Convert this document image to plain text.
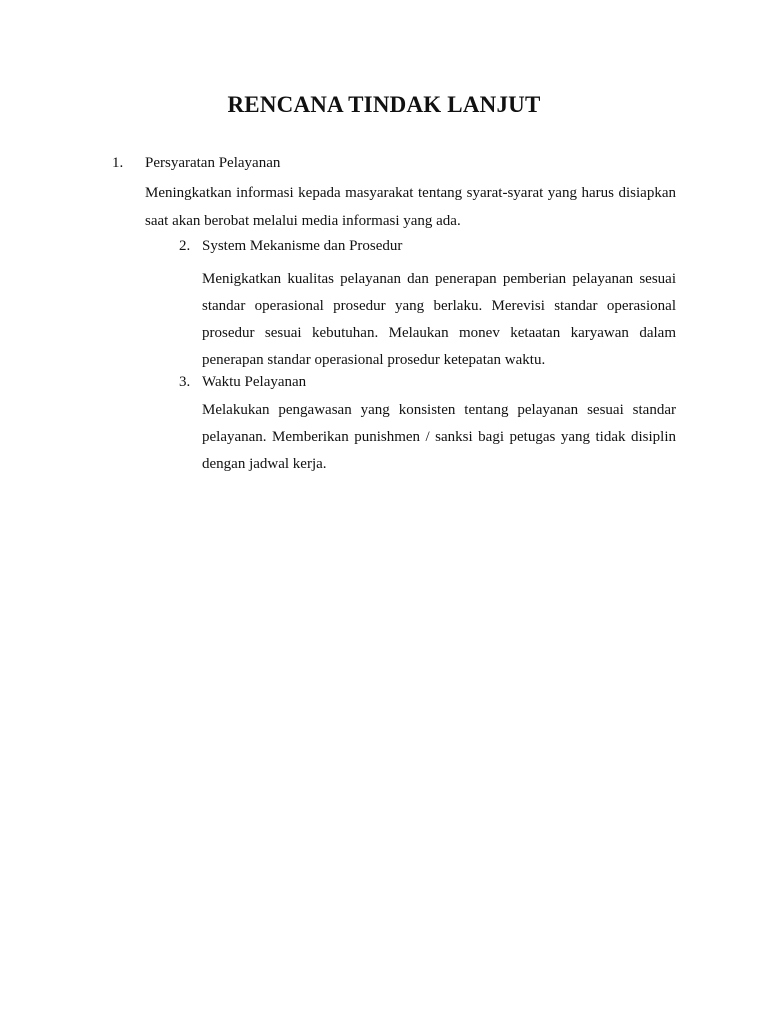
RENCANA TINDAK LANJUT
1. Persyaratan Pelayanan

Meningkatkan informasi kepada masyarakat tentang syarat-syarat yang harus disiapkan saat akan berobat melalui media informasi yang ada.

2. System Mekanisme dan Prosedur

Menigkatkan kualitas pelayanan dan penerapan pemberian pelayanan sesuai standar operasional prosedur yang berlaku. Merevisi standar operasional prosedur sesuai kebutuhan. Melaukan monev ketaatan karyawan dalam penerapan standar operasional prosedur ketepatan waktu.

3. Waktu Pelayanan

Melakukan pengawasan yang konsisten tentang pelayanan sesuai standar pelayanan. Memberikan punishmen / sanksi bagi petugas yang tidak disiplin dengan jadwal kerja.
